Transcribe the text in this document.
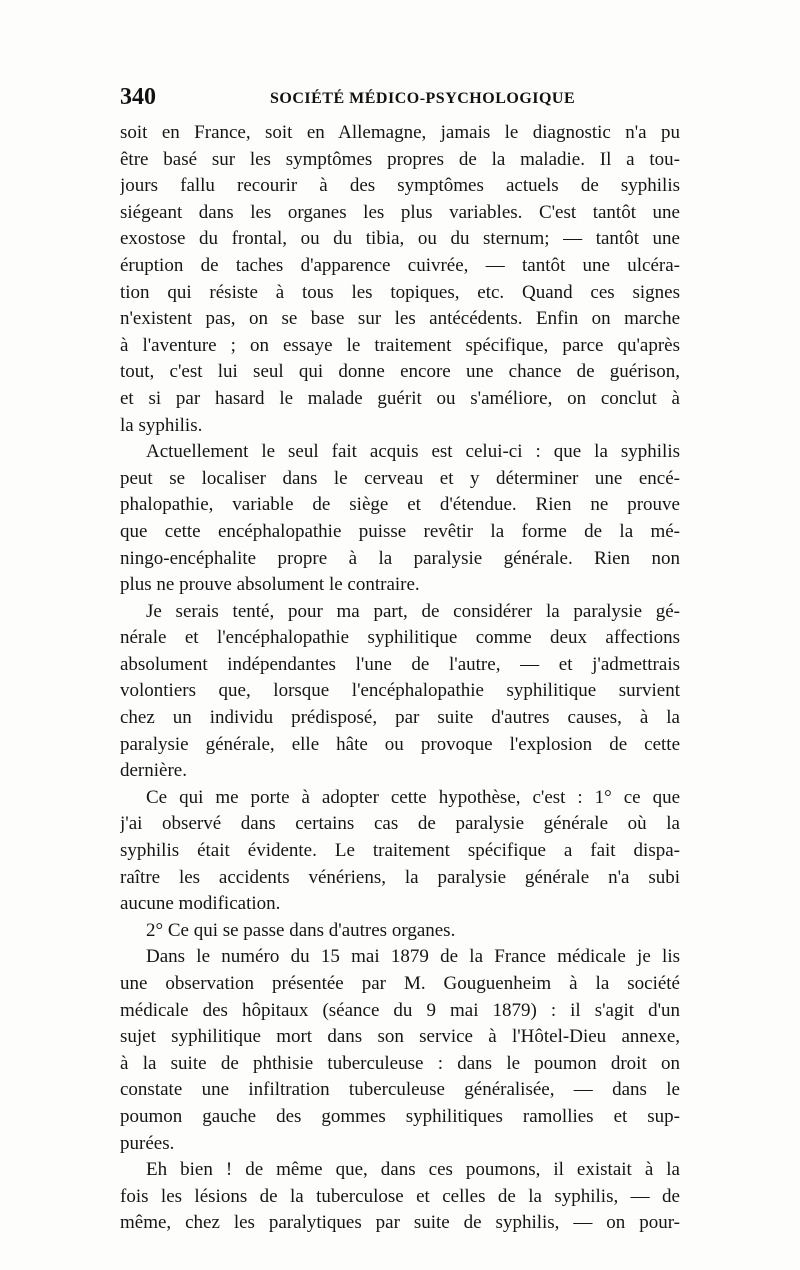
340	SOCIÉTÉ MÉDICO-PSYCHOLOGIQUE
soit en France, soit en Allemagne, jamais le diagnostic n'a pu
être basé sur les symptômes propres de la maladie. Il a tou-
jours fallu recourir à des symptômes actuels de syphilis
siégeant dans les organes les plus variables. C'est tantôt une
exostose du frontal, ou du tibia, ou du sternum; — tantôt une
éruption de taches d'apparence cuivrée, — tantôt une ulcéra-
tion qui résiste à tous les topiques, etc. Quand ces signes
n'existent pas, on se base sur les antécédents. Enfin on marche
à l'aventure ; on essaye le traitement spécifique, parce qu'après
tout, c'est lui seul qui donne encore une chance de guérison,
et si par hasard le malade guérit ou s'améliore, on conclut à
la syphilis.
Actuellement le seul fait acquis est celui-ci : que la syphilis
peut se localiser dans le cerveau et y déterminer une encé-
phalopathie, variable de siège et d'étendue. Rien ne prouve
que cette encéphalopathie puisse revêtir la forme de la mé-
ningo-encéphalite propre à la paralysie générale. Rien non
plus ne prouve absolument le contraire.
Je serais tenté, pour ma part, de considérer la paralysie gé-
nérale et l'encéphalopathie syphilitique comme deux affections
absolument indépendantes l'une de l'autre, — et j'admettrais
volontiers que, lorsque l'encéphalopathie syphilitique survient
chez un individu prédisposé, par suite d'autres causes, à la
paralysie générale, elle hâte ou provoque l'explosion de cette
dernière.
Ce qui me porte à adopter cette hypothèse, c'est : 1° ce que
j'ai observé dans certains cas de paralysie générale où la
syphilis était évidente. Le traitement spécifique a fait dispa-
raître les accidents vénériens, la paralysie générale n'a subi
aucune modification.
2° Ce qui se passe dans d'autres organes.
Dans le numéro du 15 mai 1879 de la France médicale je lis
une observation présentée par M. Gouguenheim à la société
médicale des hôpitaux (séance du 9 mai 1879) : il s'agit d'un
sujet syphilitique mort dans son service à l'Hôtel-Dieu annexe,
à la suite de phthisie tuberculeuse : dans le poumon droit on
constate une infiltration tuberculeuse généralisée, — dans le
poumon gauche des gommes syphilitiques ramollies et sup-
purées.
Eh bien ! de même que, dans ces poumons, il existait à la
fois les lésions de la tuberculose et celles de la syphilis, — de
même, chez les paralytiques par suite de syphilis, — on pour-
